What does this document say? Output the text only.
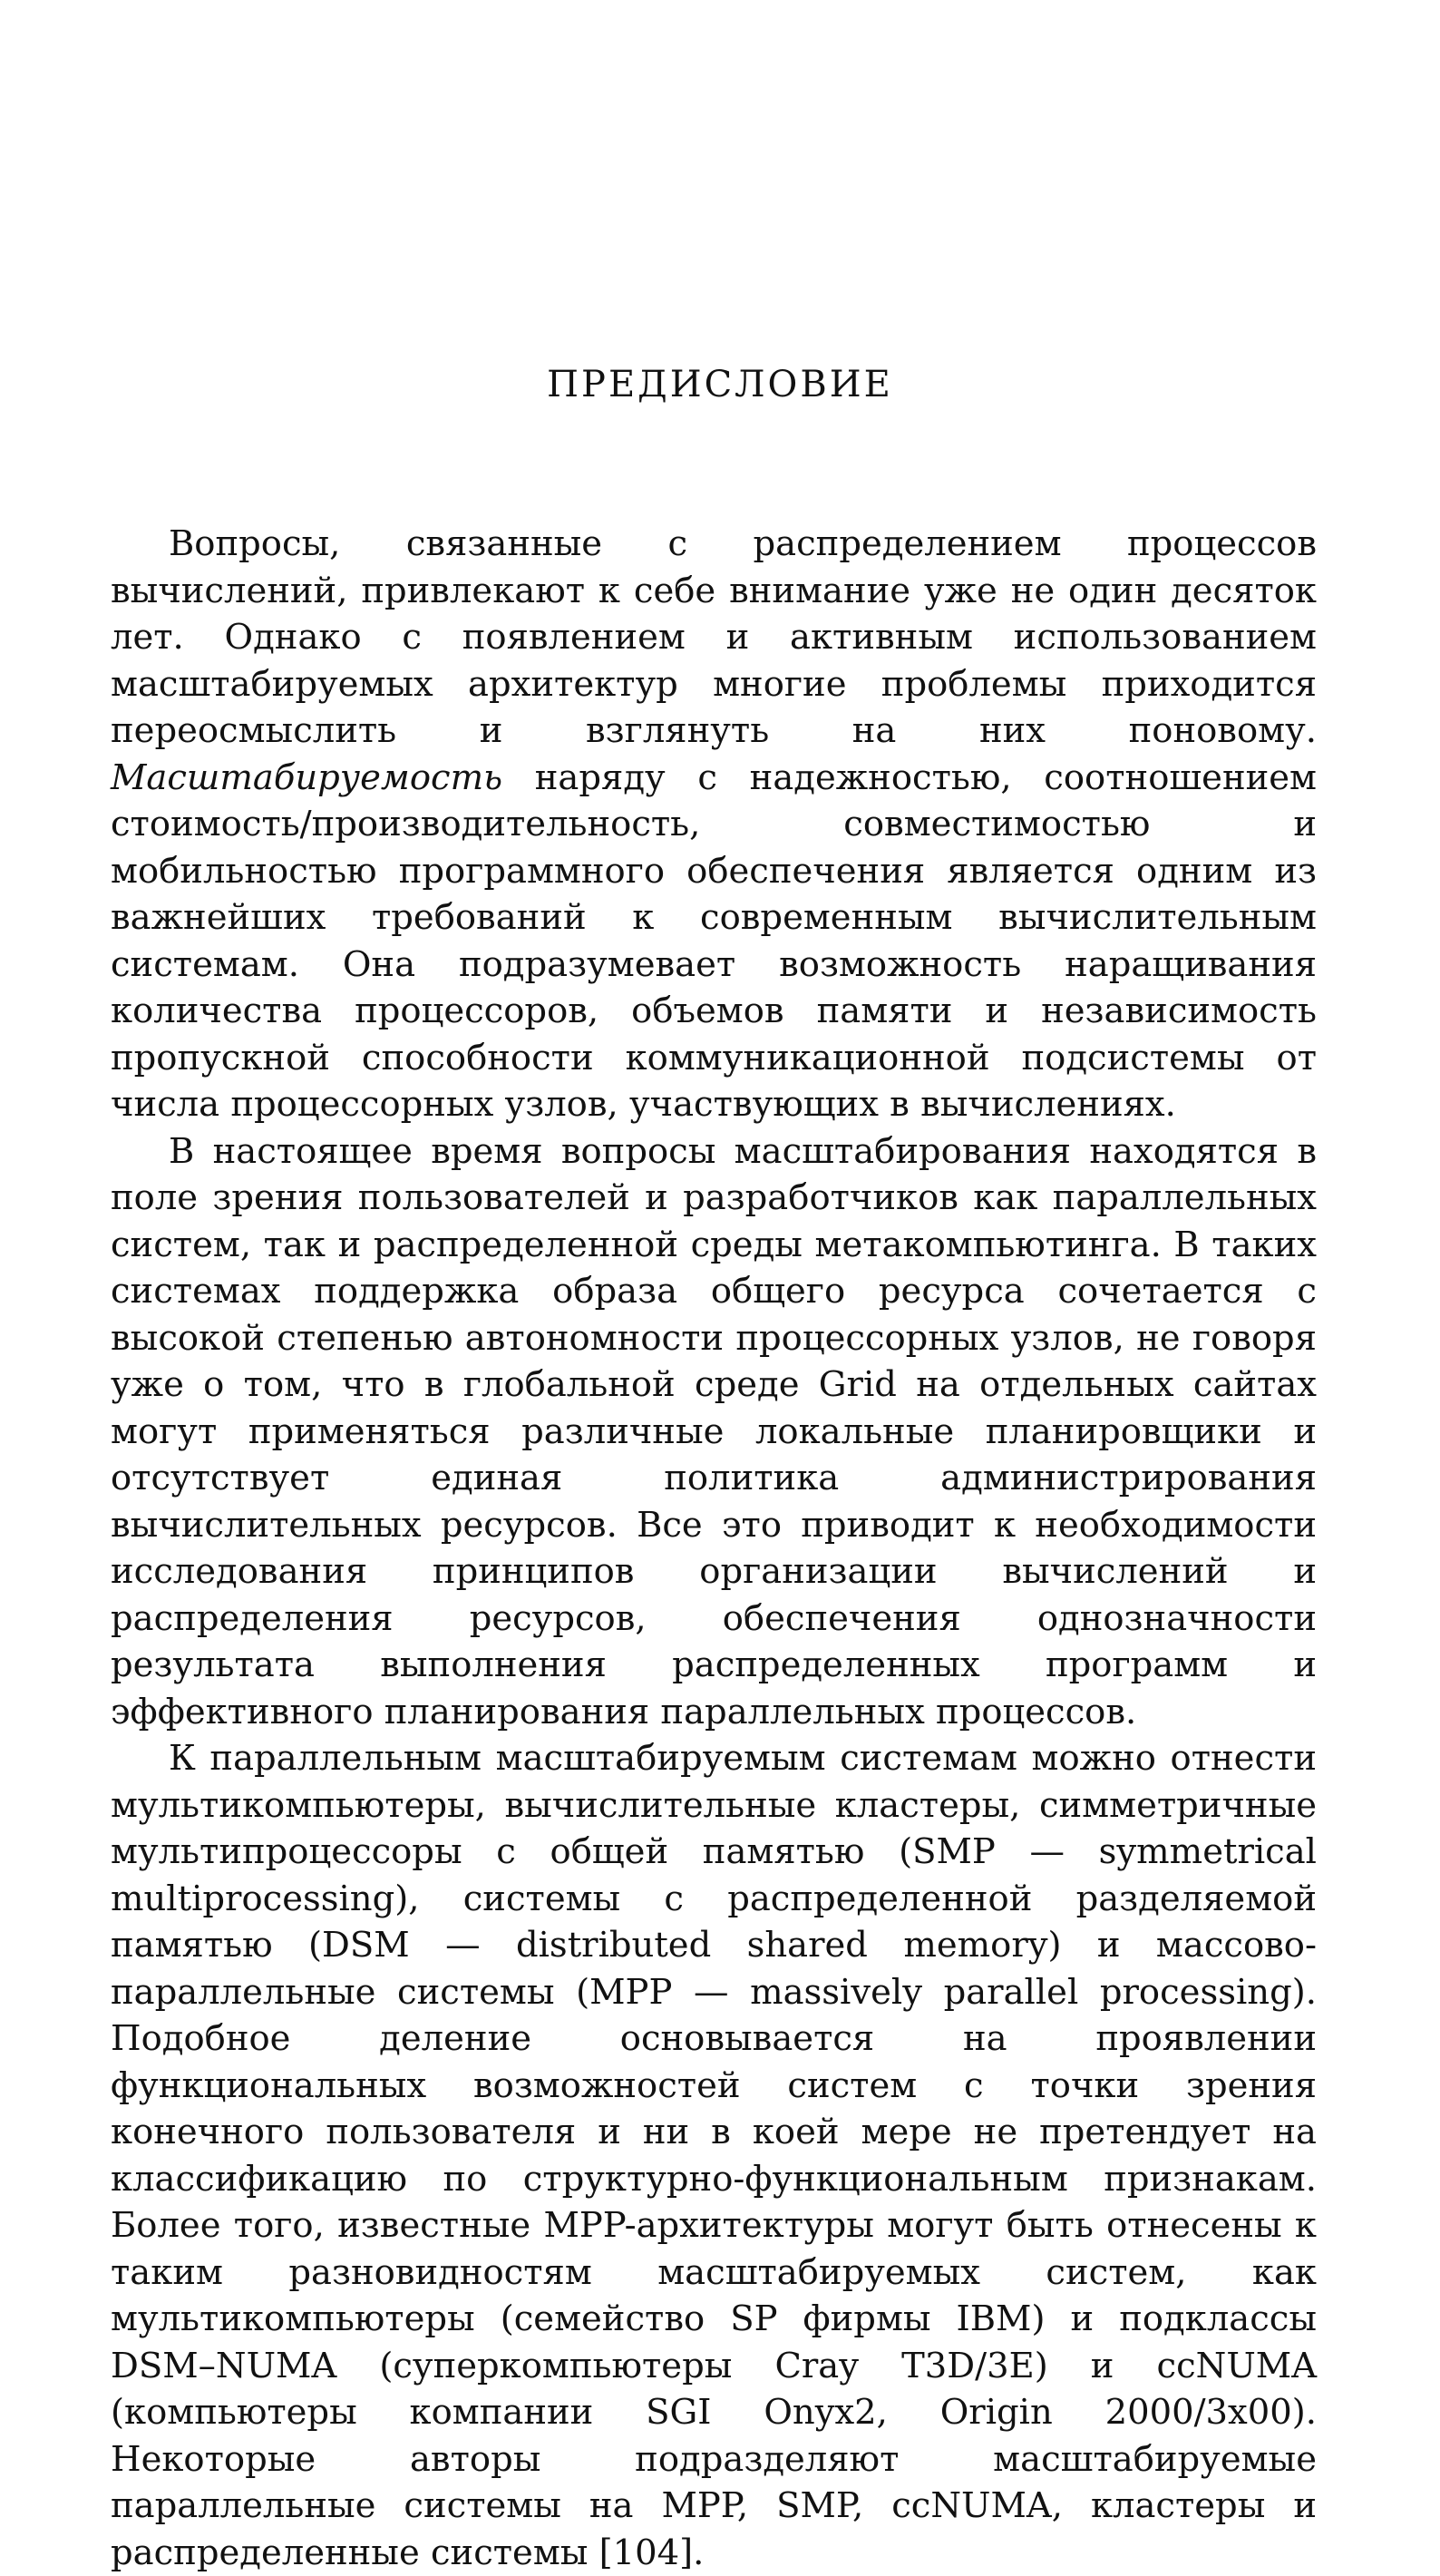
ПРЕДИСЛОВИЕ

Вопросы, связанные с распределением процессов вычислений, привлекают к себе внимание уже не один десяток лет. Однако с появлением и активным использованием масштабируемых архитектур многие проблемы приходится переосмыслить и взглянуть на них поновому. Масштабируемость наряду с надежностью, соотношением стоимость/производительность, совместимостью и мобильностью программного обеспечения является одним из важнейших требований к современным вычислительным системам. Она подразумевает возможность наращивания количества процессоров, объемов памяти и независимость пропускной способности коммуникационной подсистемы от числа процессорных узлов, участвующих в вычислениях.

В настоящее время вопросы масштабирования находятся в поле зрения пользователей и разработчиков как параллельных систем, так и распределенной среды метакомпьютинга. В таких системах поддержка образа общего ресурса сочетается с высокой степенью автономности процессорных узлов, не говоря уже о том, что в глобальной среде Grid на отдельных сайтах могут применяться различные локальные планировщики и отсутствует единая политика администрирования вычислительных ресурсов. Все это приводит к необходимости исследования принципов организации вычислений и распределения ресурсов, обеспечения однозначности результата выполнения распределенных программ и эффективного планирования параллельных процессов.

К параллельным масштабируемым системам можно отнести мультикомпьютеры, вычислительные кластеры, симметричные мультипроцессоры с общей памятью (SMP — symmetrical multiprocessing), системы с распределенной разделяемой памятью (DSM — distributed shared memory) и массово-параллельные системы (MPP — massively parallel processing). Подобное деление основывается на проявлении функциональных возможностей систем с точки зрения конечного пользователя и ни в коей мере не претендует на классификацию по структурно-функциональным признакам. Более того, известные MPP-архитектуры могут быть отнесены к таким разновидностям масштабируемых систем, как мультикомпьютеры (семейство SP фирмы IBM) и подклассы DSM–NUMA (суперкомпьютеры Cray T3D/3E) и ccNUMA (компьютеры компании SGI Onyx2, Origin 2000/3x00). Некоторые авторы подразделяют масштабируемые параллельные системы на MPP, SMP, ccNUMA, кластеры и распределенные системы [104].
